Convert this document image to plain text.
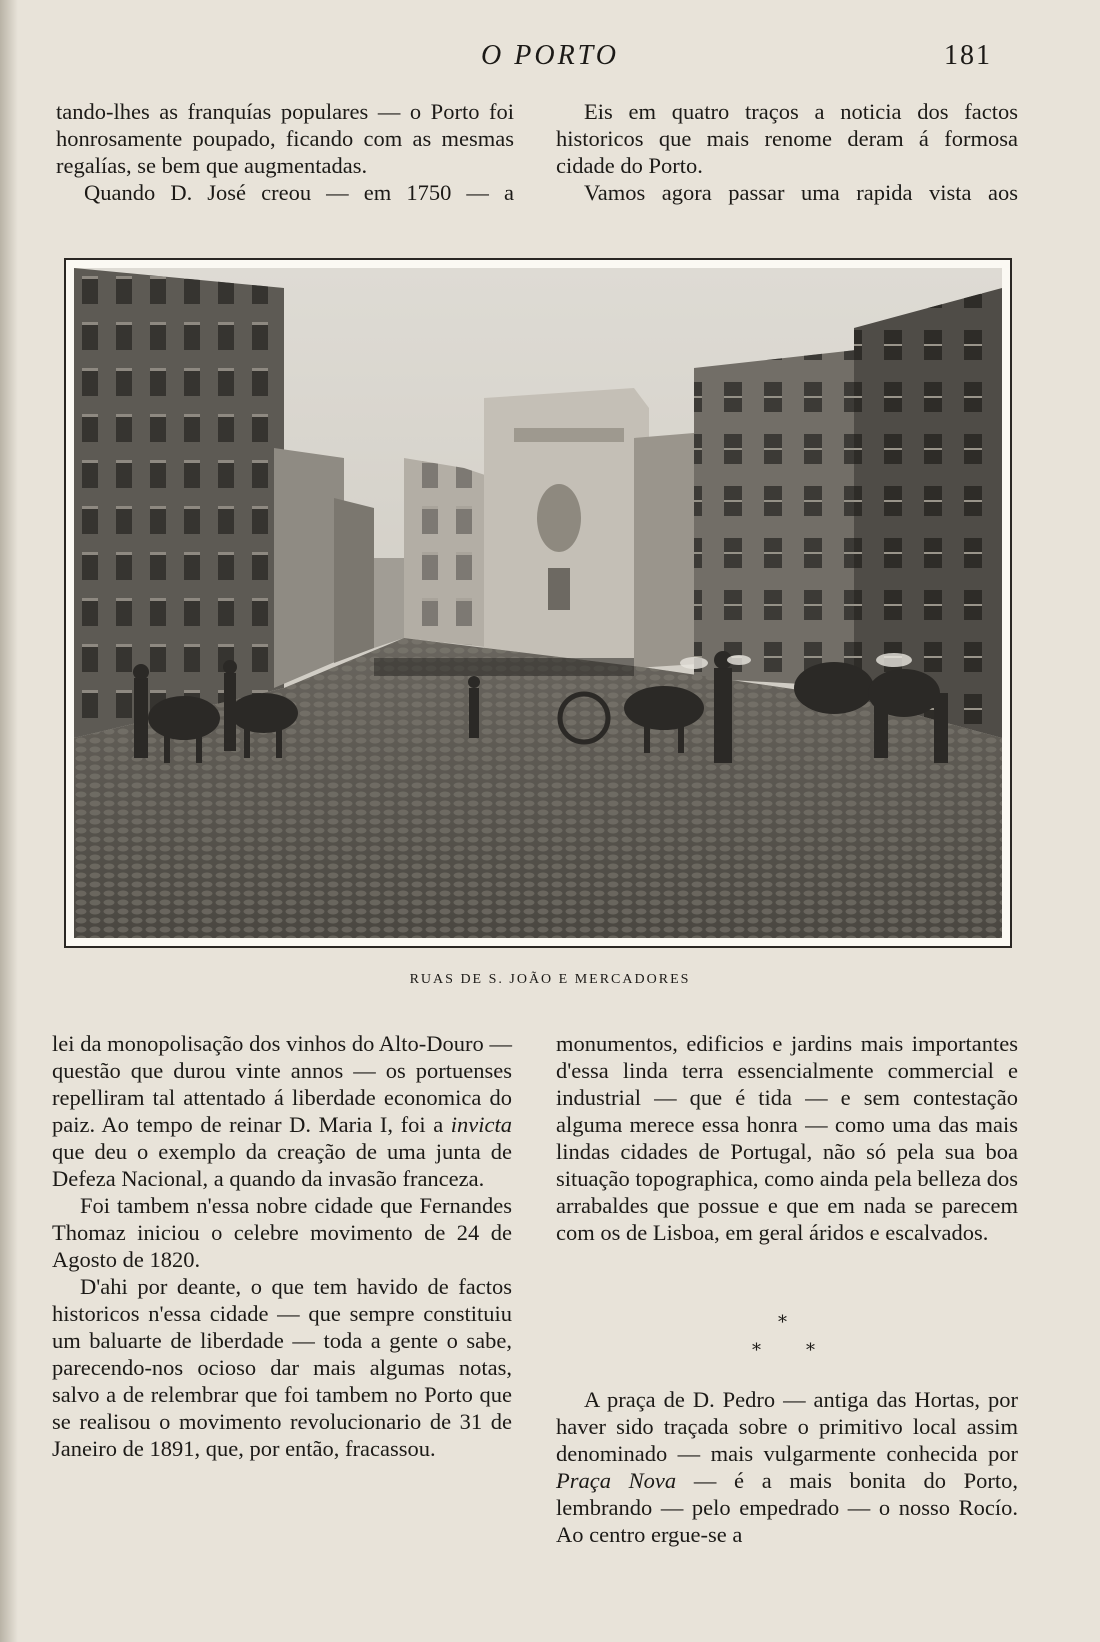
O PORTO	181

tando-lhes as franquías populares — o Porto foi honrosamente poupado, ficando com as mesmas regalías, se bem que augmentadas.

Quando D. José creou — em 1750 — a

Eis em quatro traços a noticia dos factos historicos que mais renome deram á formosa cidade do Porto.

Vamos agora passar uma rapida vista aos

RUAS DE S. JOÃO E MERCADORES

lei da monopolisação dos vinhos do Alto-Douro — questão que durou vinte annos — os portuenses repelliram tal attentado á liberdade economica do paiz. Ao tempo de reinar D. Maria I, foi a invicta que deu o exemplo da creação de uma junta de Defeza Nacional, a quando da invasão franceza.

Foi tambem n'essa nobre cidade que Fernandes Thomaz iniciou o celebre movimento de 24 de Agosto de 1820.

D'ahi por deante, o que tem havido de factos historicos n'essa cidade — que sempre constituiu um baluarte de liberdade — toda a gente o sabe, parecendo-nos ocioso dar mais algumas notas, salvo a de relembrar que foi tambem no Porto que se realisou o movimento revolucionario de 31 de Janeiro de 1891, que, por então, fracassou.

monumentos, edificios e jardins mais importantes d'essa linda terra essencialmente commercial e industrial — que é tida — e sem contestação alguma merece essa honra — como uma das mais lindas cidades de Portugal, não só pela sua boa situação topographica, como ainda pela belleza dos arrabaldes que possue e que em nada se parecem com os de Lisboa, em geral áridos e escalvados.

*
*	*

A praça de D. Pedro — antiga das Hortas, por haver sido traçada sobre o primitivo local assim denominado — mais vulgarmente conhecida por Praça Nova — é a mais bonita do Porto, lembrando — pelo empedrado — o nosso Rocío. Ao centro ergue-se a
